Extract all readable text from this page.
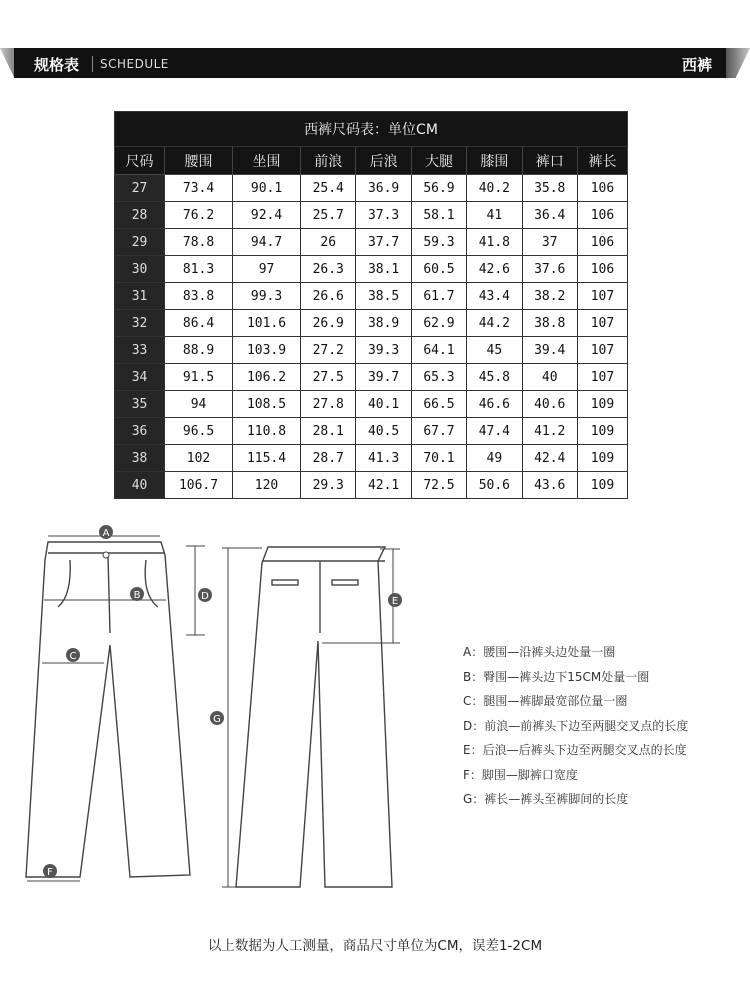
规格表 SCHEDULE	西裤
西裤尺码表：单位CM								
尺码	腰围	坐围	前浪	后浪	大腿	膝围	裤口	裤长
27	73.4	90.1	25.4	36.9	56.9	40.2	35.8	106
28	76.2	92.4	25.7	37.3	58.1	41	36.4	106
29	78.8	94.7	26	37.7	59.3	41.8	37	106
30	81.3	97	26.3	38.1	60.5	42.6	37.6	106
31	83.8	99.3	26.6	38.5	61.7	43.4	38.2	107
32	86.4	101.6	26.9	38.9	62.9	44.2	38.8	107
33	88.9	103.9	27.2	39.3	64.1	45	39.4	107
34	91.5	106.2	27.5	39.7	65.3	45.8	40	107
35	94	108.5	27.8	40.1	66.5	46.6	40.6	109
36	96.5	110.8	28.1	40.5	67.7	47.4	41.2	109
38	102	115.4	28.7	41.3	70.1	49	42.4	109
40	106.7	120	29.3	42.1	72.5	50.6	43.6	109
A
B
C
D	E
F
G
A：腰围—沿裤头边处量一圈
B：臀围—裤头边下15CM处量一圈
C：腿围—裤脚最宽部位量一圈
D：前浪—前裤头下边至两腿交叉点的长度
E：后浪—后裤头下边至两腿交叉点的长度
F：脚围—脚裤口宽度
G：裤长—裤头至裤脚间的长度
以上数据为人工测量，商品尺寸单位为CM，误差1-2CM
